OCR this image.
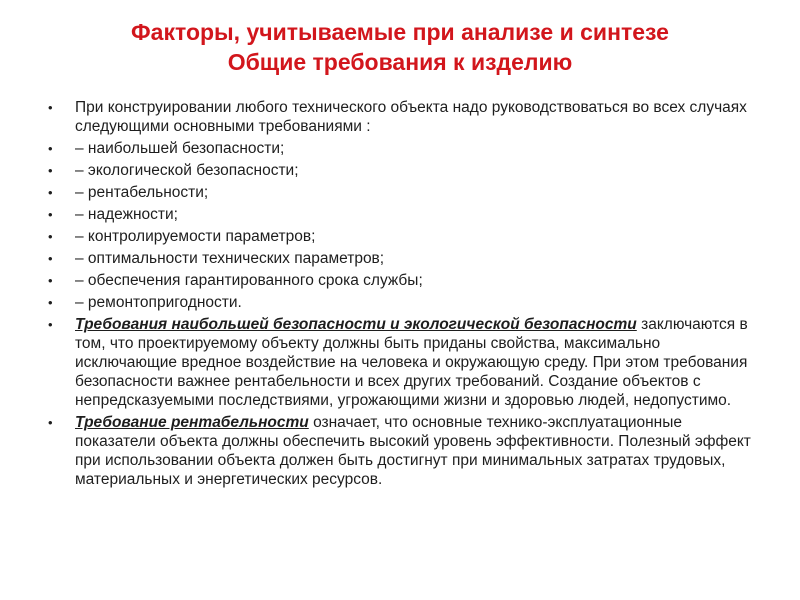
Факторы, учитываемые при анализе и синтезе
Общие требования к изделию
•	При конструировании любого технического объекта надо руководствоваться во всех случаях следующими основными требованиями :
•	– наибольшей безопасности;
•	– экологической безопасности;
•	– рентабельности;
•	– надежности;
•	– контролируемости параметров;
•	– оптимальности технических параметров;
•	– обеспечения гарантированного срока службы;
•	– ремонтопригодности.
•	Требования наибольшей безопасности и экологической безопасности заключаются в том, что проектируемому объекту должны быть приданы свойства, максимально исключающие вредное воздействие на человека и окружающую среду. При этом требования безопасности важнее рентабельности и всех других требований. Создание объектов с непредсказуемыми последствиями, угрожающими жизни и здоровью людей, недопустимо.
•	Требование рентабельности означает, что основные технико-эксплуатационные показатели объекта должны обеспечить высокий уровень эффективности. Полезный эффект при использовании объекта должен быть достигнут при минимальных затратах трудовых, материальных и энергетических ресурсов.
